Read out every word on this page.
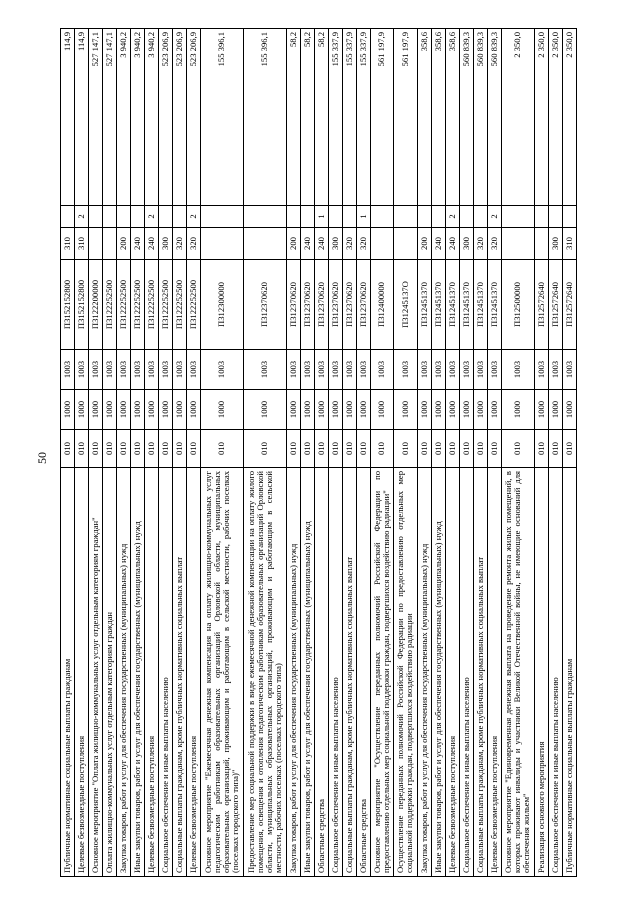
50
Публичные нормативные социальные выплаты гражданам	010	1000	1003	П3152152800	310		114,9
Целевые безвозмездные поступления	010	1000	1003	П3152152800	310	2	114,9
Основное мероприятие "Оплата жилищно-коммунальных услуг отдельным категориям граждан"	010	1000	1003	П3122200000			527 147,1
Оплата жилищно-коммунальных услуг отдельным категориям граждан	010	1000	1003	П3122252500			527 147,1
Закупка товаров, работ и услуг для обеспечения государственных (муниципальных) нужд	010	1000	1003	П3122252500	200		3 940,2
Иные закупки товаров, работ и услуг для обеспечения государственных (муниципальных) нужд	010	1000	1003	П3122252500	240		3 940,2
Целевые безвозмездные поступления	010	1000	1003	П3122252500	240	2	3 940,2
Социальное обеспечение и иные выплаты населению	010	1000	1003	П3122252500	300		523 206,9
Социальные выплаты гражданам, кроме публичных нормативных социальных выплат	010	1000	1003	П3122252500	320		523 206,9
Целевые безвозмездные поступления	010	1000	1003	П3122252500	320	2	523 206,9
Основное мероприятие "Ежемесячная денежная компенсация на оплату жилищно-коммунальных услуг педагогическим работникам образовательных организаций Орловской области, муниципальных образовательных организаций, проживающим и работающим в сельской местности, рабочих поселках (поселках городского типа)"	010	1000	1003	П312300000			155 396,1
Предоставление мер социальной поддержки в виде ежемесячной денежной компенсации на оплату жилого помещения, освещения и отопления педагогическим работникам образовательных организаций Орловской области, муниципальных образовательных организаций, проживающим и работающим в сельской местности, рабочих поселках (поселках городского типа)	010	1000	1003	П312370620			155 396,1
Закупка товаров, работ и услуг для обеспечения государственных (муниципальных) нужд	010	1000	1003	П312370620	200		58,2
Иные закупки товаров, работ и услуг для обеспечения государственных (муниципальных) нужд	010	1000	1003	П312370620	240		58,2
Областные средства	010	1000	1003	П312370620	240	1	58,2
Социальное обеспечение и иные выплаты населению	010	1000	1003	П312370620	300		155 337,9
Социальные выплаты гражданам, кроме публичных нормативных социальных выплат	010	1000	1003	П312370620	320		155 337,9
Областные средства	010	1000	1003	П312370620	320	1	155 337,9
Основное мероприятие "Осуществление переданных полномочий Российской Федерации по предоставлению отдельных мер социальной поддержки граждан, подвергшихся воздействию радиации"	010	1000	1003	П312400000			561 197,9
Осуществление переданных полномочий Российской Федерации по предоставлению отдельных мер социальной поддержки граждан, подвергшихся воздействию радиации	010	1000	1003	П31245137О			561 197,9
Закупка товаров, работ и услуг для обеспечения государственных (муниципальных) нужд	010	1000	1003	П312451370	200		358,6
Иные закупки товаров, работ и услуг для обеспечения государственных (муниципальных) нужд	010	1000	1003	П312451370	240		358,6
Целевые безвозмездные поступления	010	1000	1003	П312451370	240	2	358,6
Социальное обеспечение и иные выплаты населению	010	1000	1003	П312451370	300		560 839,3
Социальные выплаты гражданам, кроме публичных нормативных социальных выплат	010	1000	1003	П312451370	320		560 839,3
Целевые безвозмездные поступления	010	1000	1003	П312451370	320	2	560 839,3
Основное мероприятие "Единовременная денежная выплата на проведение ремонта жилых помещений, в которых проживают инвалиды и участники Великой Отечественной войны, не имеющие оснований для обеспечения жильем"	010	1000	1003	П312500000			2 350,0
Реализация основного мероприятия	010	1000	1003	П312572640			2 350,0
Социальное обеспечение и иные выплаты населению	010	1000	1003	П312572640	300		2 350,0
Публичные нормативные социальные выплаты гражданам	010	1000	1003	П312572640	310		2 350,0
